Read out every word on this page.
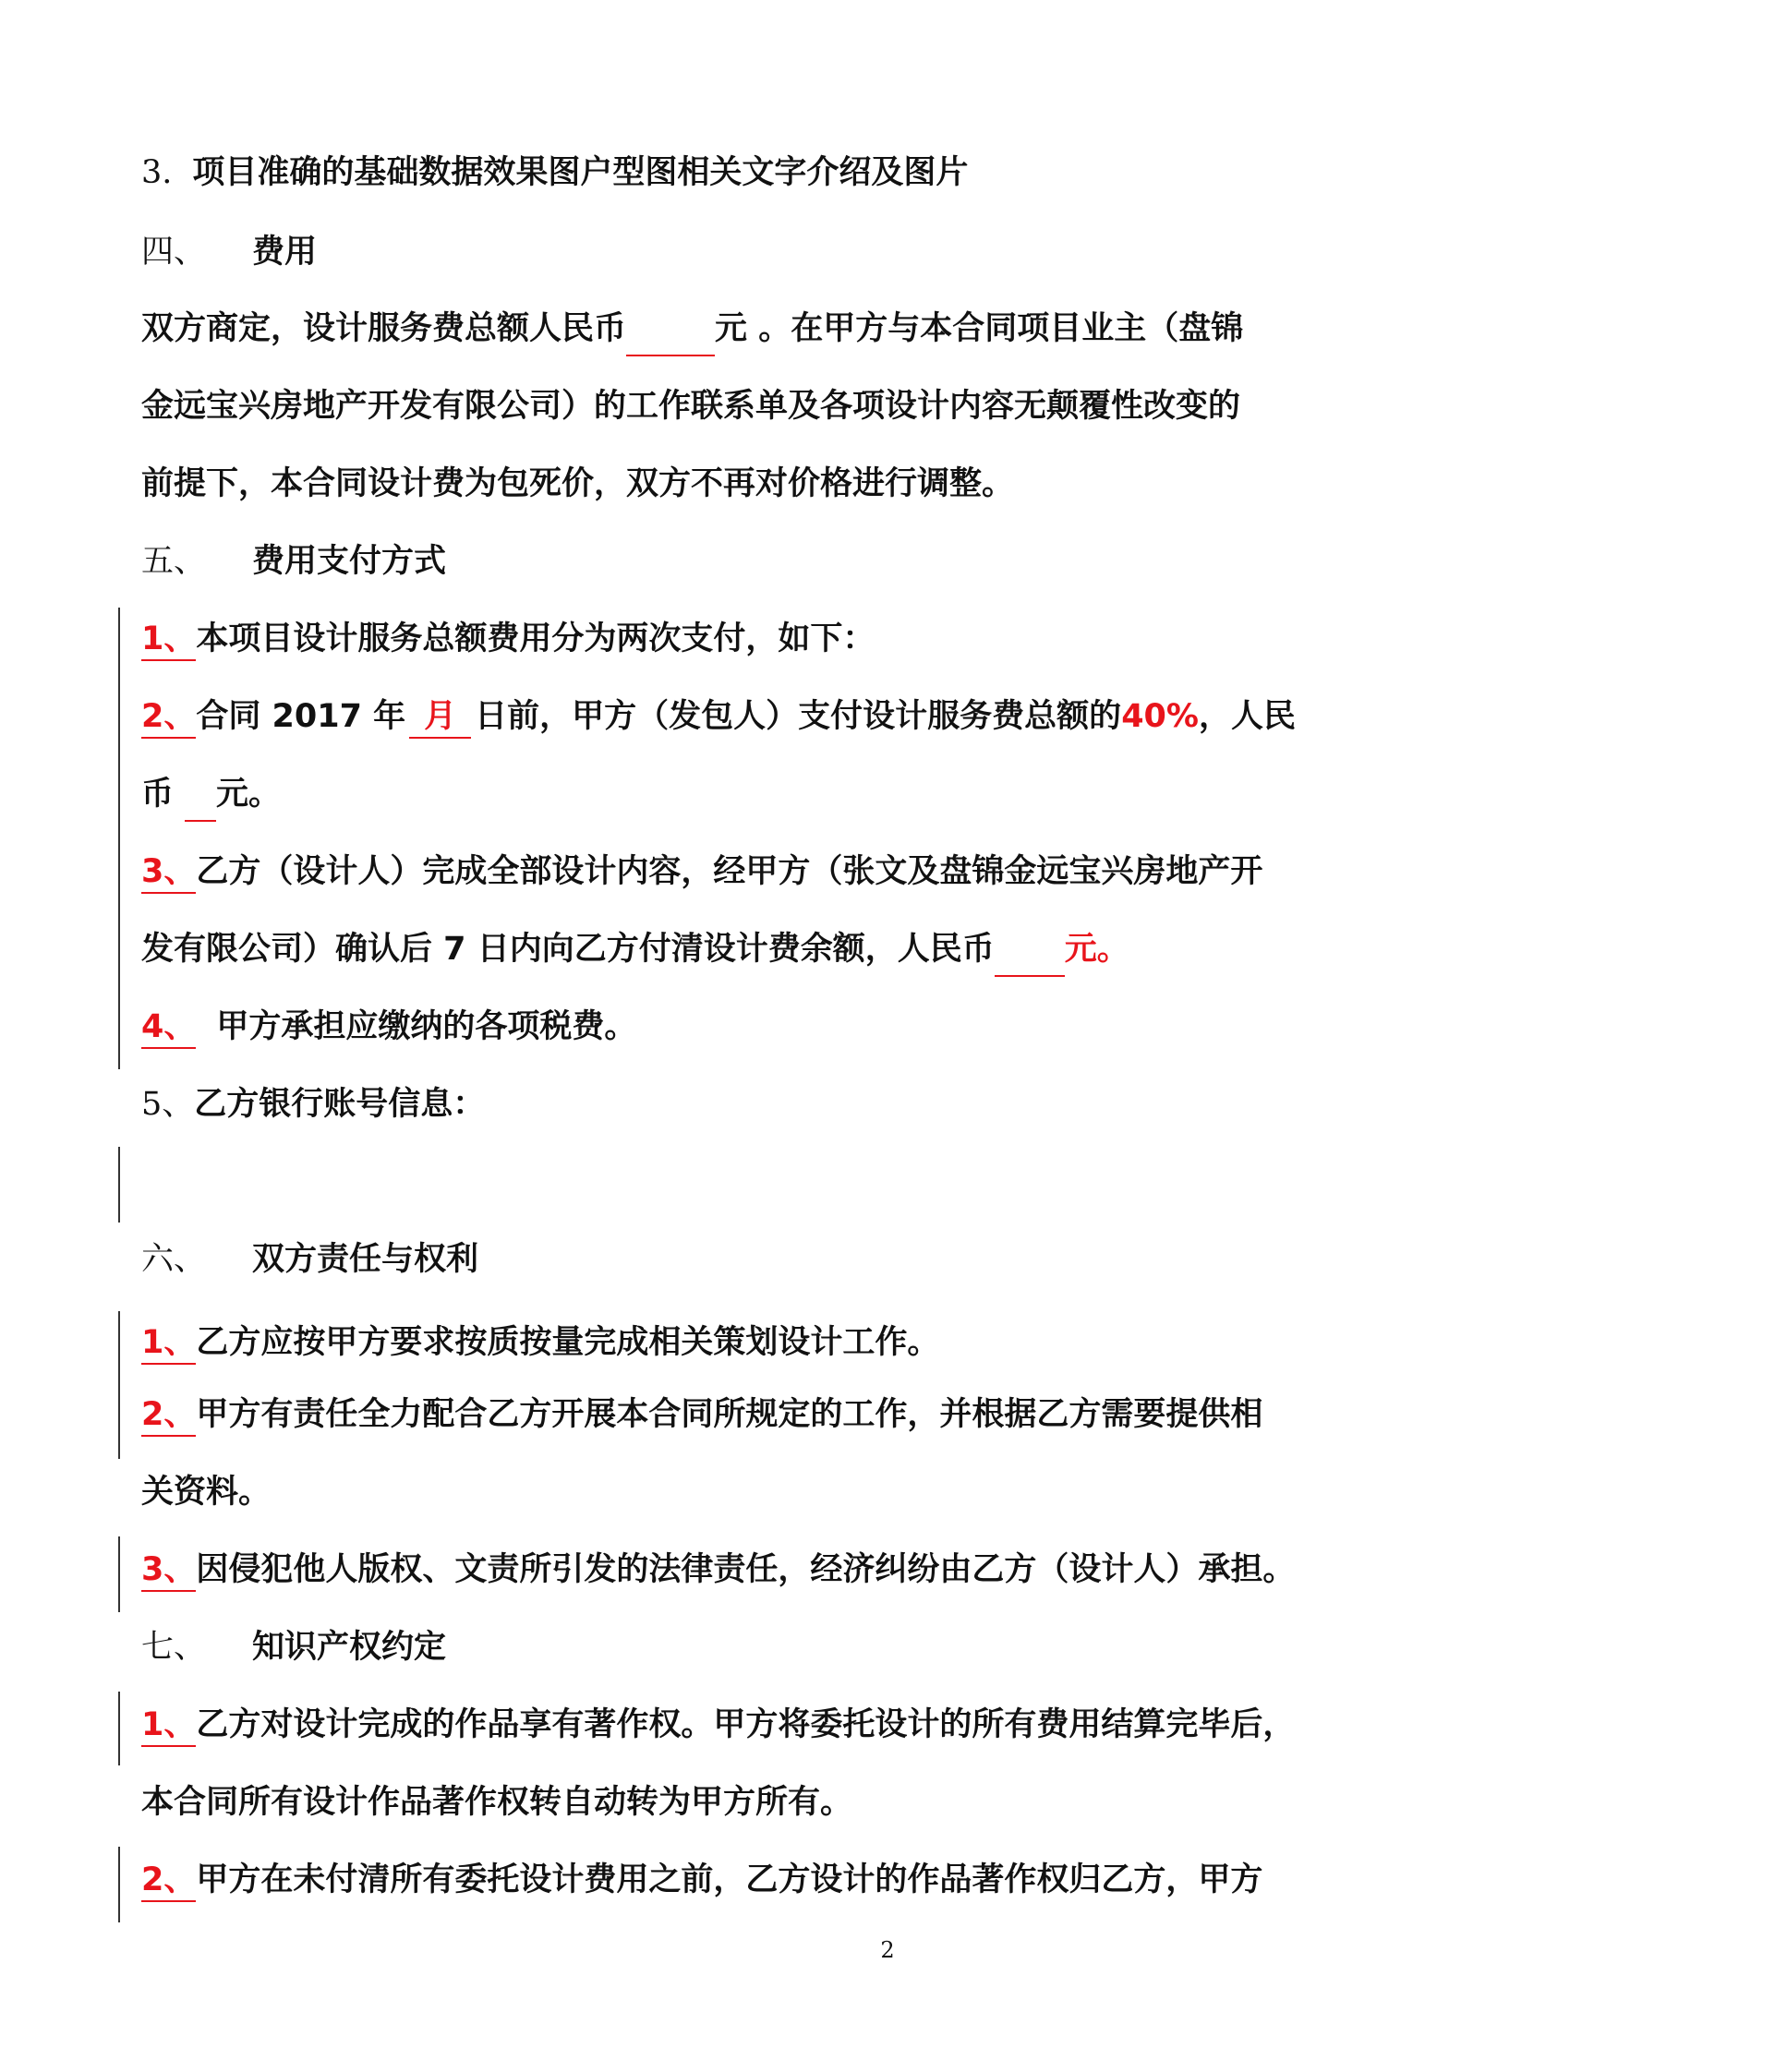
3. 项目准确的基础数据效果图户型图相关文字介绍及图片
四、 费用
双方商定，设计服务费总额人民币	元 。在甲方与本合同项目业主（盘锦
金远宝兴房地产开发有限公司）的工作联系单及各项设计内容无颠覆性改变的
前提下，本合同设计费为包死价，双方不再对价格进行调整。
五、 费用支付方式
1、本项目设计服务总额费用分为两次支付，如下：
2、合同 2017 年 月 日前，甲方（发包人）支付设计服务费总额的40%，人民
币 元。
3、乙方（设计人）完成全部设计内容，经甲方（张文及盘锦金远宝兴房地产开
发有限公司）确认后 7 日内向乙方付清设计费余额，人民币 元。
4、 甲方承担应缴纳的各项税费。
5、乙方银行账号信息：
六、 双方责任与权利
1、乙方应按甲方要求按质按量完成相关策划设计工作。
2、甲方有责任全力配合乙方开展本合同所规定的工作，并根据乙方需要提供相
关资料。
3、因侵犯他人版权、文责所引发的法律责任，经济纠纷由乙方（设计人）承担。
七、 知识产权约定
1、乙方对设计完成的作品享有著作权。甲方将委托设计的所有费用结算完毕后，
本合同所有设计作品著作权转自动转为甲方所有。
2、甲方在未付清所有委托设计费用之前，乙方设计的作品著作权归乙方，甲方
2
